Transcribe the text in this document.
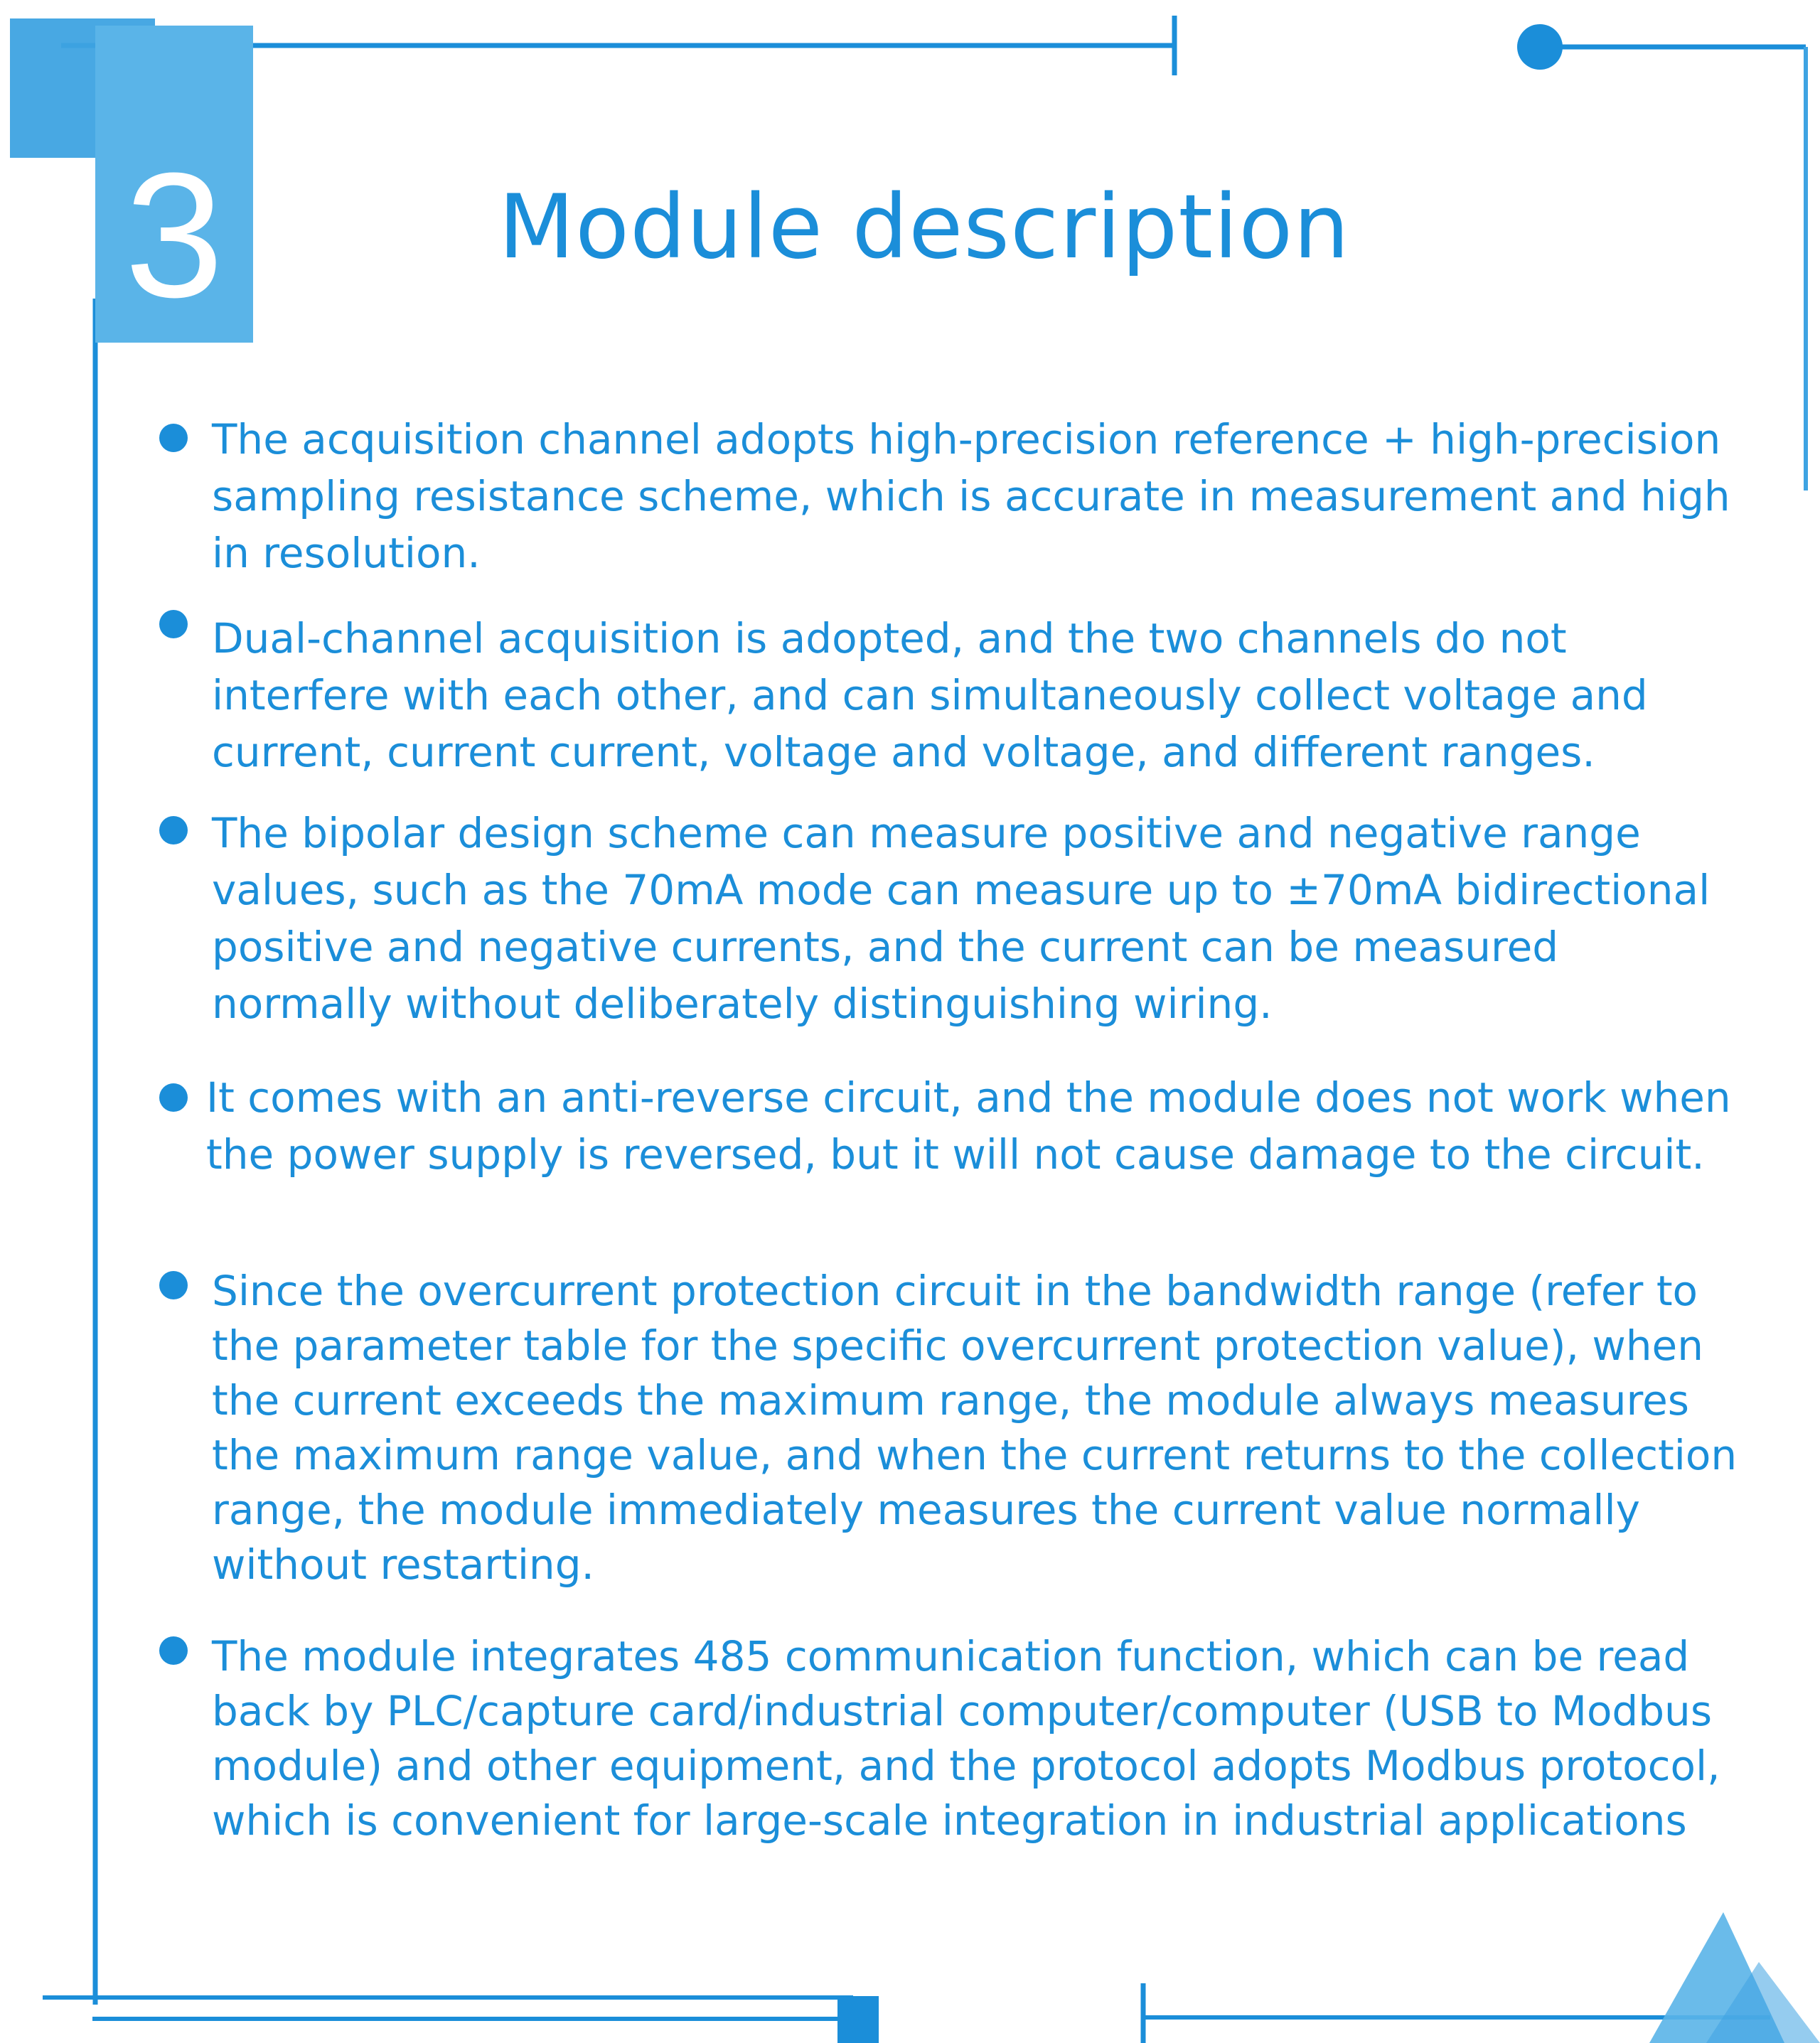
3	Module description
The acquisition channel adopts high-precision reference + high-precision sampling resistance scheme, which is accurate in measurement and high in resolution.
Dual-channel acquisition is adopted, and the two channels do not interfere with each other, and can simultaneously collect voltage and current, current current, voltage and voltage, and different ranges.
The bipolar design scheme can measure positive and negative range values, such as the 70mA mode can measure up to ±70mA bidirectional positive and negative currents, and the current can be measured normally without deliberately distinguishing wiring.
It comes with an anti-reverse circuit, and the module does not work when the power supply is reversed, but it will not cause damage to the circuit.
Since the overcurrent protection circuit in the bandwidth range (refer to the parameter table for the specific overcurrent protection value), when the current exceeds the maximum range, the module always measures the maximum range value, and when the current returns to the collection range, the module immediately measures the current value normally without restarting.
The module integrates 485 communication function, which can be read back by PLC/capture card/industrial computer/computer (USB to Modbus module) and other equipment, and the protocol adopts Modbus protocol, which is convenient for large-scale integration in industrial applications
